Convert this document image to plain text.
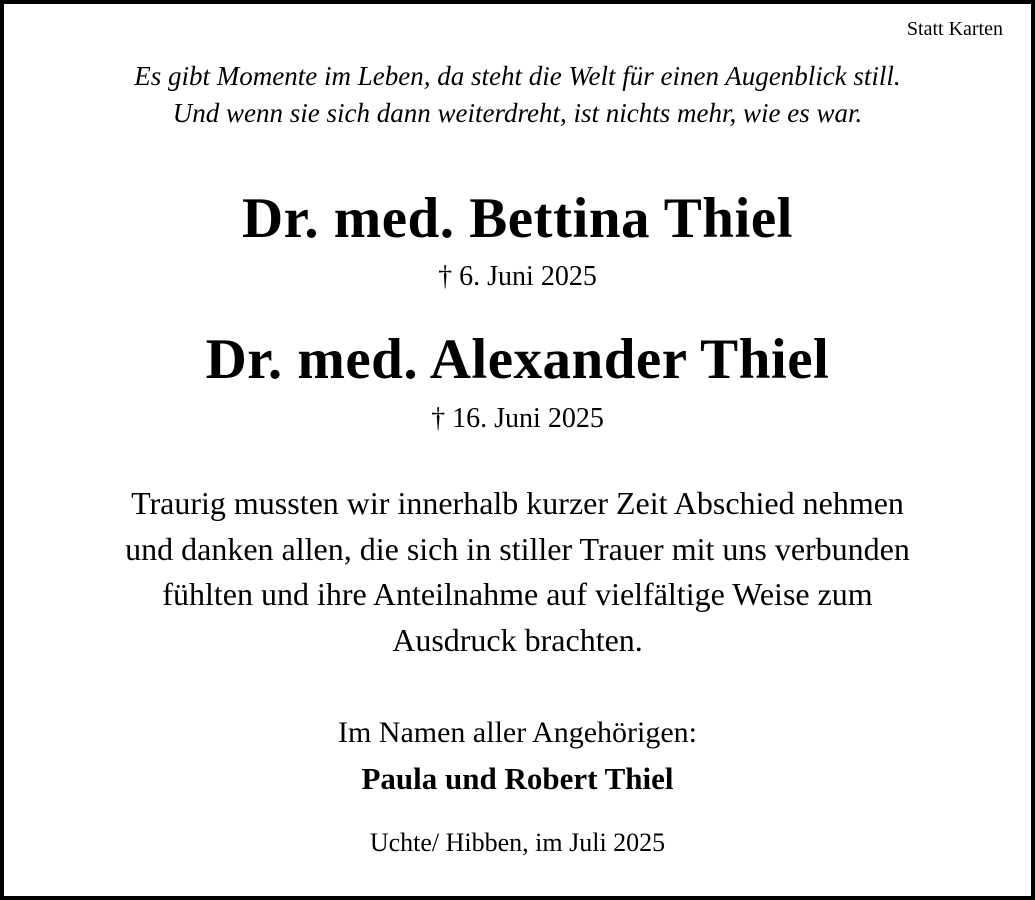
Statt Karten
Es gibt Momente im Leben, da steht die Welt für einen Augenblick still.
Und wenn sie sich dann weiterdreht, ist nichts mehr, wie es war.
Dr. med. Bettina Thiel
† 6. Juni 2025
Dr. med. Alexander Thiel
† 16. Juni 2025
Traurig mussten wir innerhalb kurzer Zeit Abschied nehmen
und danken allen, die sich in stiller Trauer mit uns verbunden
fühlten und ihre Anteilnahme auf vielfältige Weise zum
Ausdruck brachten.
Im Namen aller Angehörigen:
Paula und Robert Thiel
Uchte/ Hibben, im Juli 2025
